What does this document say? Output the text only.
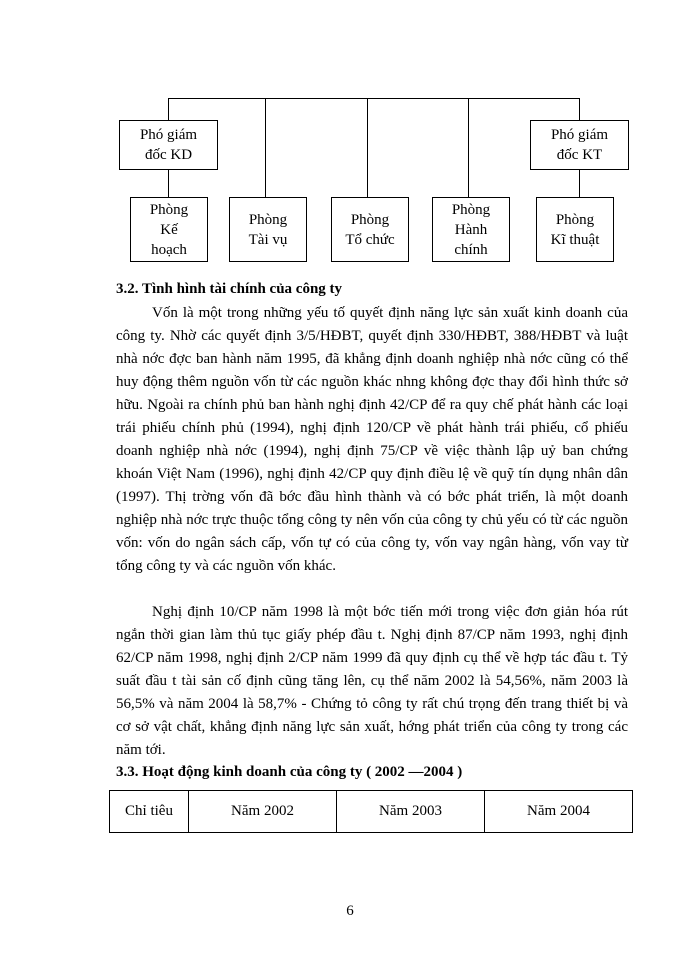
Phó giám
đốc KD
Phó giám
đốc KT
Phòng
Kế
hoạch
Phòng
Tài vụ
Phòng
Tổ chức
Phòng
Hành
chính
Phòng
Kĩ thuật
3.2. Tình hình tài chính của công ty

Vốn là một trong những yếu tố quyết định năng lực sản xuất kinh doanh của công ty. Nhờ các quyết định 3/5/HĐBT, quyết định 330/HĐBT, 388/HĐBT và luật nhà nớc đợc ban hành năm 1995, đã khẳng định doanh nghiệp nhà nớc cũng có thể huy động thêm nguồn vốn từ các nguồn khác nhng không đợc thay đổi hình thức sở hữu. Ngoài ra chính phủ ban hành nghị định 42/CP để ra quy chế phát hành các loại trái phiếu chính phủ (1994), nghị định 120/CP về phát hành trái phiếu, cổ phiếu doanh nghiệp nhà nớc (1994), nghị định 75/CP về việc thành lập uỷ ban chứng khoán Việt Nam (1996), nghị định 42/CP quy định điều lệ về quỹ tín dụng nhân dân (1997). Thị trờng vốn đã bớc đầu hình thành và có bớc phát triển, là một doanh nghiệp nhà nớc trực thuộc tổng công ty nên vốn của công ty chủ yếu có từ các nguồn vốn: vốn do ngân sách cấp, vốn tự có của công ty, vốn vay ngân hàng, vốn vay từ tổng công ty và các nguồn vốn khác.

Nghị định 10/CP năm 1998 là một bớc tiến mới trong việc đơn giản hóa rút ngắn thời gian làm thủ tục giấy phép đầu t. Nghị định 87/CP năm 1993, nghị định 62/CP năm 1998, nghị định 2/CP năm 1999 đã quy định cụ thể về hợp tác đầu t. Tỷ suất đầu t tài sản cố định cũng tăng lên, cụ thể năm 2002 là 54,56%, năm 2003 là 56,5% và năm 2004 là 58,7% - Chứng tỏ công ty rất chú trọng đến trang thiết bị và cơ sở vật chất, khẳng định năng lực sản xuất, hớng phát triển của công ty trong các năm tới.

3.3. Hoạt động kinh doanh của công ty ( 2002 —2004 )
Chỉ tiêu	Năm 2002	Năm 2003	Năm 2004
6
